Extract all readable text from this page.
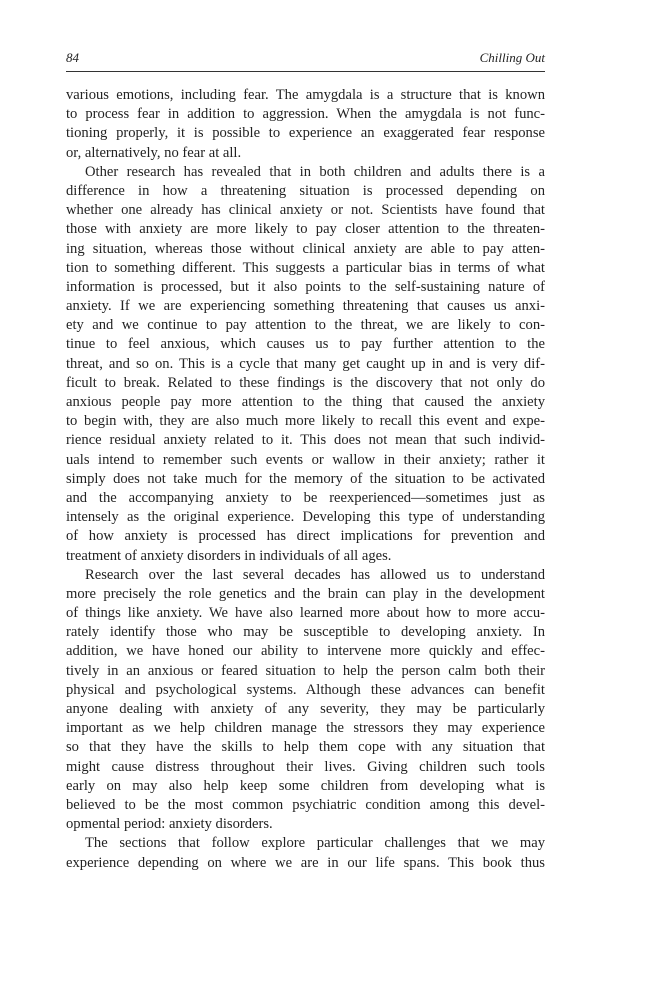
84	Chilling Out
various emotions, including fear. The amygdala is a structure that is known
to process fear in addition to aggression. When the amygdala is not func-
tioning properly, it is possible to experience an exaggerated fear response
or, alternatively, no fear at all.
Other research has revealed that in both children and adults there is a
difference in how a threatening situation is processed depending on
whether one already has clinical anxiety or not. Scientists have found that
those with anxiety are more likely to pay closer attention to the threaten-
ing situation, whereas those without clinical anxiety are able to pay atten-
tion to something different. This suggests a particular bias in terms of what
information is processed, but it also points to the self-sustaining nature of
anxiety. If we are experiencing something threatening that causes us anxi-
ety and we continue to pay attention to the threat, we are likely to con-
tinue to feel anxious, which causes us to pay further attention to the
threat, and so on. This is a cycle that many get caught up in and is very dif-
ficult to break. Related to these findings is the discovery that not only do
anxious people pay more attention to the thing that caused the anxiety
to begin with, they are also much more likely to recall this event and expe-
rience residual anxiety related to it. This does not mean that such individ-
uals intend to remember such events or wallow in their anxiety; rather it
simply does not take much for the memory of the situation to be activated
and the accompanying anxiety to be reexperienced—sometimes just as
intensely as the original experience. Developing this type of understanding
of how anxiety is processed has direct implications for prevention and
treatment of anxiety disorders in individuals of all ages.
Research over the last several decades has allowed us to understand
more precisely the role genetics and the brain can play in the development
of things like anxiety. We have also learned more about how to more accu-
rately identify those who may be susceptible to developing anxiety. In
addition, we have honed our ability to intervene more quickly and effec-
tively in an anxious or feared situation to help the person calm both their
physical and psychological systems. Although these advances can benefit
anyone dealing with anxiety of any severity, they may be particularly
important as we help children manage the stressors they may experience
so that they have the skills to help them cope with any situation that
might cause distress throughout their lives. Giving children such tools
early on may also help keep some children from developing what is
believed to be the most common psychiatric condition among this devel-
opmental period: anxiety disorders.
The sections that follow explore particular challenges that we may
experience depending on where we are in our life spans. This book thus
